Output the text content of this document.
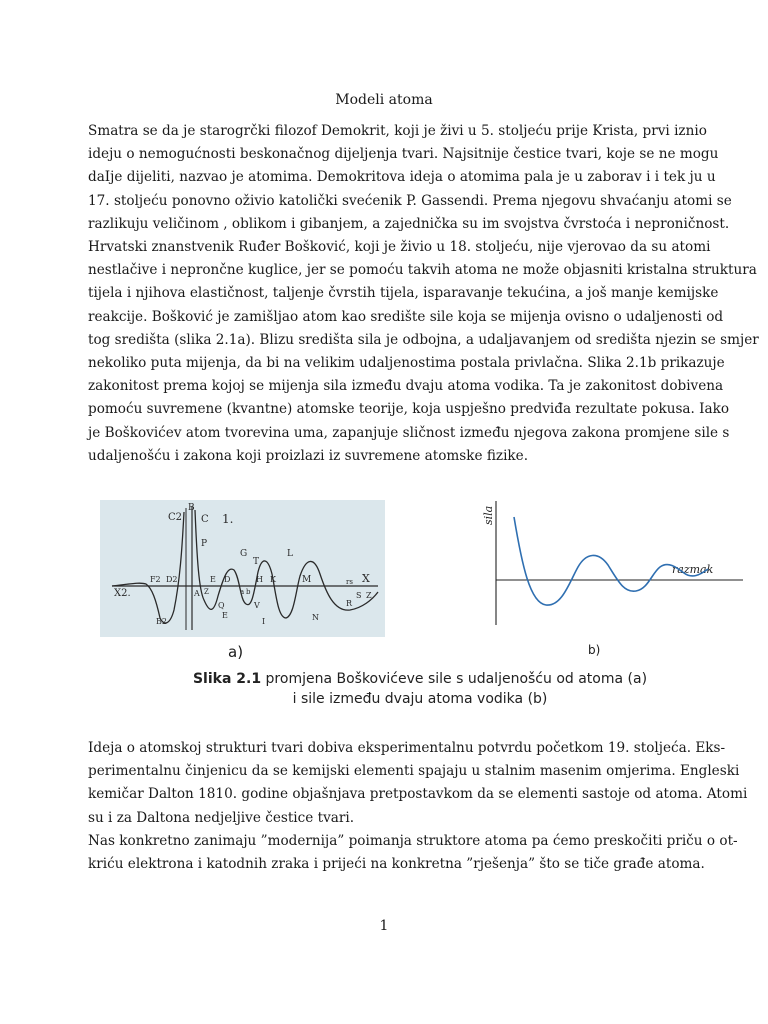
Modeli atoma
Smatra se da je starogrčki filozof Demokrit, koji je živi u 5. stoljeću prije Krista, prvi iznio
ideju o nemogućnosti beskonačnog dijeljenja tvari. Najsitnije čestice tvari, koje se ne mogu
daIje dijeliti, nazvao je atomima. Demokritova ideja o atomima pala je u zaborav i i tek ju u
17. stoljeću ponovno oživio katolički svećenik P. Gassendi. Prema njegovu shvaćanju atomi se
razlikuju veličinom , oblikom i gibanjem, a zajednička su im svojstva čvrstoća i neproničnost.
Hrvatski znanstvenik Ruđer Bošković, koji je živio u 18. stoljeću, nije vjerovao da su atomi
nestlačive i neprončne kuglice, jer se pomoću takvih atoma ne može objasniti kristalna struktura
tijela i njihova elastičnost, taljenje čvrstih tijela, isparavanje tekućina, a još manje kemijske
reakcije. Bošković je zamišljao atom kao središte sile koja se mijenja ovisno o udaljenosti od
tog središta (slika 2.1a). Blizu središta sila je odbojna, a udaljavanjem od središta njezin se smjer
nekoliko puta mijenja, da bi na velikim udaljenostima postala privlačna. Slika 2.1b prikazuje
zakonitost prema kojoj se mijenja sila između dvaju atoma vodika. Ta je zakonitost dobivena
pomoću suvremene (kvantne) atomske teorije, koja uspješno predviđa rezultate pokusa. Iako
je Boškovićev atom tvorevina uma, zapanjuje sličnost između njegova zakona promjene sile s
udaljenošću i zakona koji proizlazi iz suvremene atomske fizike.
C2
B
C 1.
P
G
T
L
F2 D2
A
E D	H K	M	rs X
X2.
Q
B2
E
V
I	N
R
S Z
a b
Z
sila
razmak
a)	b)
Slika 2.1 promjena Boškovićeve sile s udaljenošću od atoma (a)
i sile između dvaju atoma vodika (b)
Ideja o atomskoj strukturi tvari dobiva eksperimentalnu potvrdu početkom 19. stoljeća. Eks-
perimentalnu činjenicu da se kemijski elementi spajaju u stalnim masenim omjerima. Engleski
kemičar Dalton 1810. godine objašnjava pretpostavkom da se elementi sastoje od atoma. Atomi
su i za Daltona nedjeljive čestice tvari.
Nas konkretno zanimaju ”modernija” poimanja struktore atoma pa ćemo preskočiti priču o ot-
kriću elektrona i katodnih zraka i prijeći na konkretna ”rješenja” što se tiče građe atoma.
1
